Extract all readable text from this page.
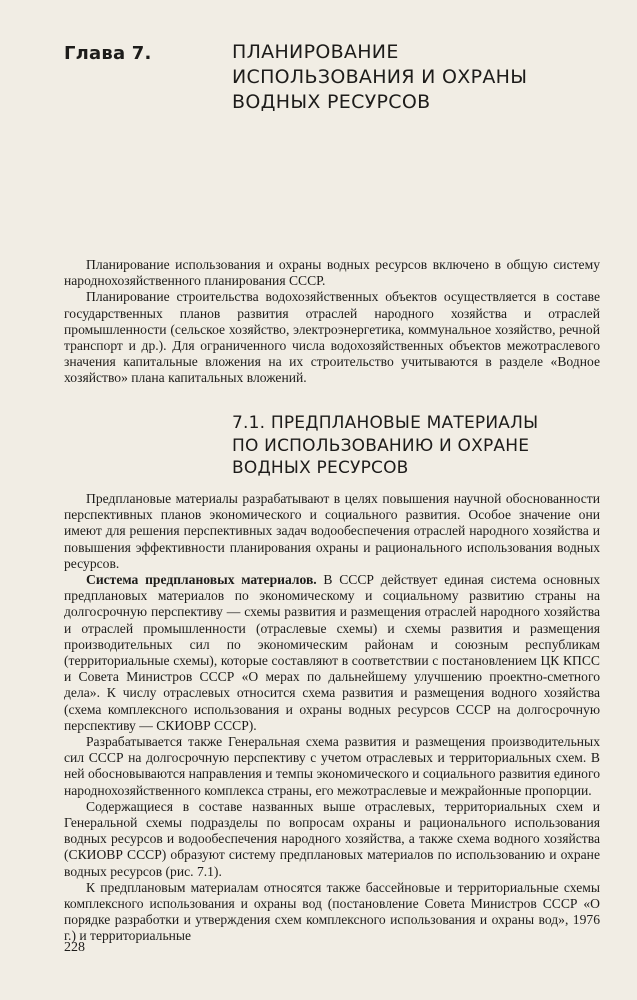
Глава 7.	ПЛАНИРОВАНИЕ
ИСПОЛЬЗОВАНИЯ И ОХРАНЫ
ВОДНЫХ РЕСУРСОВ

Планирование использования и охраны водных ресурсов включено в общую систему народнохозяйственного планирования СССР.

Планирование строительства водохозяйственных объектов осуществляется в составе государственных планов развития отраслей народного хозяйства и отраслей промышленности (сельское хозяйство, электроэнергетика, коммунальное хозяйство, речной транспорт и др.). Для ограниченного числа водохозяйственных объектов межотраслевого значения капитальные вложения на их строительство учитываются в разделе «Водное хозяйство» плана капитальных вложений.

7.1. ПРЕДПЛАНОВЫЕ МАТЕРИАЛЫ
ПО ИСПОЛЬЗОВАНИЮ И ОХРАНЕ
ВОДНЫХ РЕСУРСОВ

Предплановые материалы разрабатывают в целях повышения научной обоснованности перспективных планов экономического и социального развития. Особое значение они имеют для решения перспективных задач водообеспечения отраслей народного хозяйства и повышения эффективности планирования охраны и рационального использования водных ресурсов.

Система предплановых материалов. В СССР действует единая система основных предплановых материалов по экономическому и социальному развитию страны на долгосрочную перспективу — схемы развития и размещения отраслей народного хозяйства и отраслей промышленности (отраслевые схемы) и схемы развития и размещения производительных сил по экономическим районам и союзным республикам (территориальные схемы), которые составляют в соответствии с постановлением ЦК КПСС и Совета Министров СССР «О мерах по дальнейшему улучшению проектно-сметного дела». К числу отраслевых относится схема развития и размещения водного хозяйства (схема комплексного использования и охраны водных ресурсов СССР на долгосрочную перспективу — СКИОВР СССР).

Разрабатывается также Генеральная схема развития и размещения производительных сил СССР на долгосрочную перспективу с учетом отраслевых и территориальных схем. В ней обосновываются направления и темпы экономического и социального развития единого народнохозяйственного комплекса страны, его межотраслевые и межрайонные пропорции.

Содержащиеся в составе названных выше отраслевых, территориальных схем и Генеральной схемы подразделы по вопросам охраны и рационального использования водных ресурсов и водообеспечения народного хозяйства, а также схема водного хозяйства (СКИОВР СССР) образуют систему предплановых материалов по использованию и охране водных ресурсов (рис. 7.1).

К предплановым материалам относятся также бассейновые и территориальные схемы комплексного использования и охраны вод (постановление Совета Министров СССР «О порядке разработки и утверждения схем комплексного использования и охраны вод», 1976 г.) и территориальные

228
